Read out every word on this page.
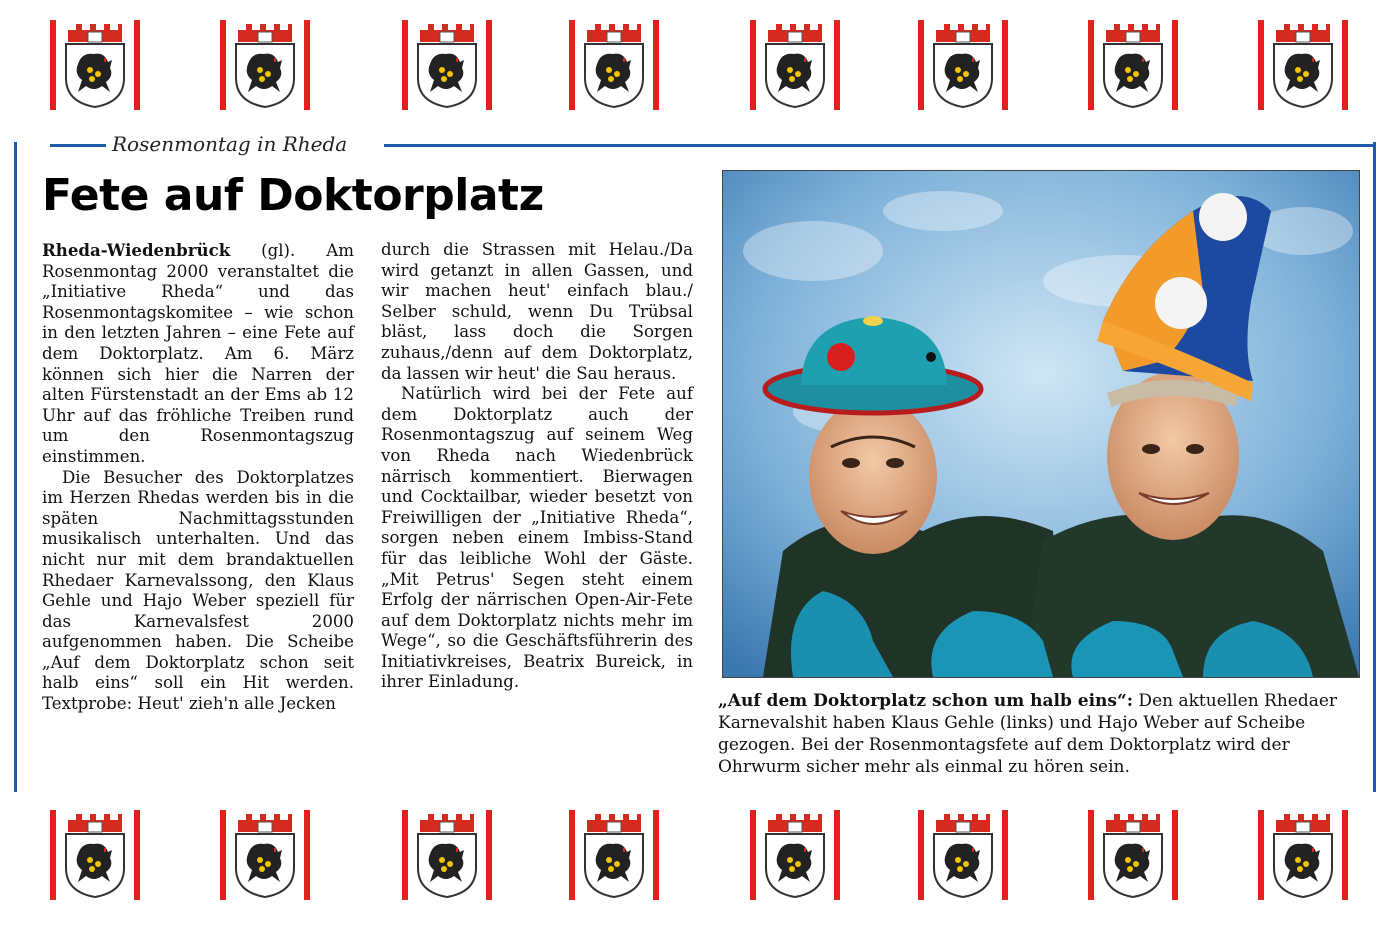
Rosenmontag in Rheda
Fete auf Doktorplatz

Rheda-Wiedenbrück (gl). Am Rosenmontag 2000 veranstaltet die „Initiative Rheda“ und das Rosenmontagskomitee – wie schon in den letzten Jahren – eine Fete auf dem Doktorplatz. Am 6. März können sich hier die Narren der alten Fürstenstadt an der Ems ab 12 Uhr auf das fröhliche Treiben rund um den Rosenmontagszug einstimmen.

Die Besucher des Doktorplatzes im Herzen Rhedas werden bis in die späten Nachmittagsstunden musikalisch unterhalten. Und das nicht nur mit dem brandaktuellen Rhedaer Karnevalssong, den Klaus Gehle und Hajo Weber speziell für das Karnevalsfest 2000 aufgenommen haben. Die Scheibe „Auf dem Doktorplatz schon seit halb eins“ soll ein Hit werden. Textprobe: Heut' zieh'n alle Jecken

durch die Strassen mit Helau./Da wird getanzt in allen Gassen, und wir machen heut' einfach blau./ Selber schuld, wenn Du Trübsal bläst, lass doch die Sorgen zuhaus,/denn auf dem Doktorplatz, da lassen wir heut' die Sau heraus.

Natürlich wird bei der Fete auf dem Doktorplatz auch der Rosenmontagszug auf seinem Weg von Rheda nach Wiedenbrück närrisch kommentiert. Bierwagen und Cocktailbar, wieder besetzt von Freiwilligen der „Initiative Rheda“, sorgen neben einem Imbiss-Stand für das leibliche Wohl der Gäste. „Mit Petrus' Segen steht einem Erfolg der närrischen Open-Air-Fete auf dem Doktorplatz nichts mehr im Wege“, so die Geschäftsführerin des Initiativkreises, Beatrix Bureick, in ihrer Einladung.

„Auf dem Doktorplatz schon um halb eins“: Den aktuellen Rhedaer Karnevalshit haben Klaus Gehle (links) und Hajo Weber auf Scheibe gezogen. Bei der Rosenmontagsfete auf dem Doktorplatz wird der Ohrwurm sicher mehr als einmal zu hören sein.
